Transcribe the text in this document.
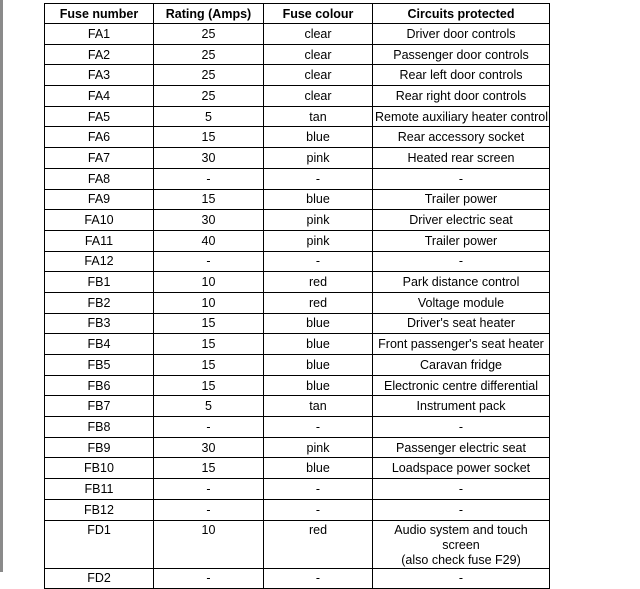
Fuse number	Rating (Amps)	Fuse colour	Circuits protected
FA1	25	clear	Driver door controls
FA2	25	clear	Passenger door controls
FA3	25	clear	Rear left door controls
FA4	25	clear	Rear right door controls
FA5	5	tan	Remote auxiliary heater control
FA6	15	blue	Rear accessory socket
FA7	30	pink	Heated rear screen
FA8	-	-	-
FA9	15	blue	Trailer power
FA10	30	pink	Driver electric seat
FA11	40	pink	Trailer power
FA12	-	-	-
FB1	10	red	Park distance control
FB2	10	red	Voltage module
FB3	15	blue	Driver's seat heater
FB4	15	blue	Front passenger's seat heater
FB5	15	blue	Caravan fridge
FB6	15	blue	Electronic centre differential
FB7	5	tan	Instrument pack
FB8	-	-	-
FB9	30	pink	Passenger electric seat
FB10	15	blue	Loadspace power socket
FB11	-	-	-
FB12	-	-	-
FD1	10	red	Audio system and touch screen
(also check fuse F29)

FD2	-	-	-
